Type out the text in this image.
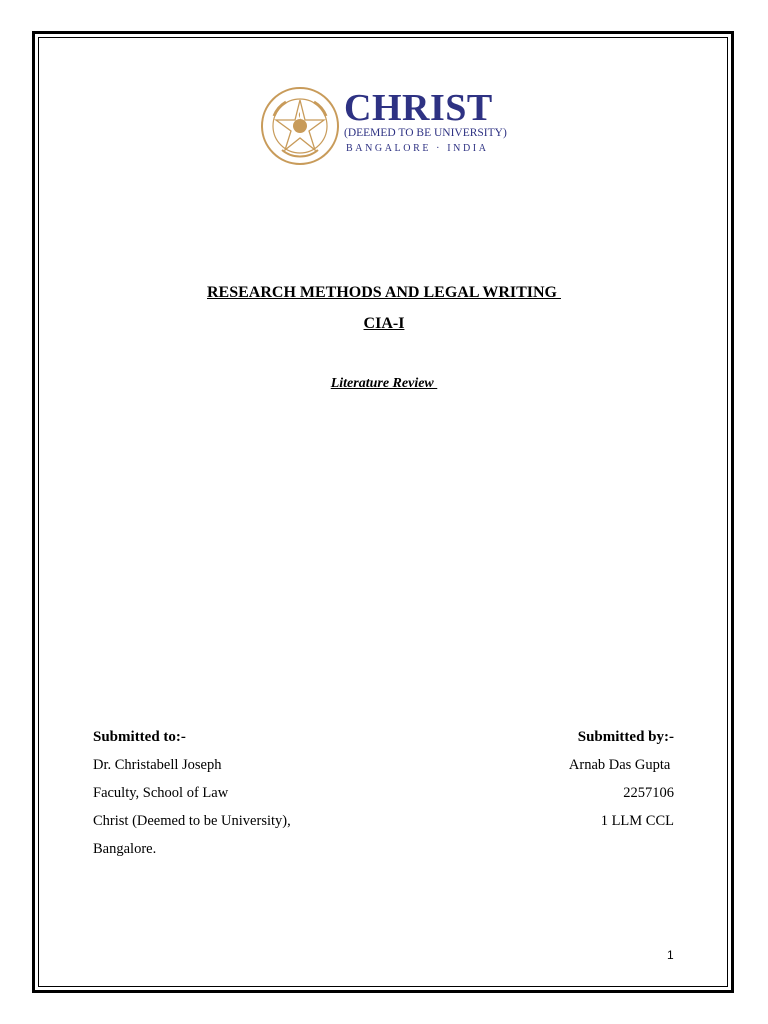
CHRIST
(DEEMED TO BE UNIVERSITY)
BANGALORE · INDIA
RESEARCH METHODS AND LEGAL WRITING
CIA-I
Literature Review
Submitted to:-
Dr. Christabell Joseph
Faculty, School of Law
Christ (Deemed to be University),
Bangalore.
Submitted by:-
Arnab Das Gupta
2257106
1 LLM CCL
1
